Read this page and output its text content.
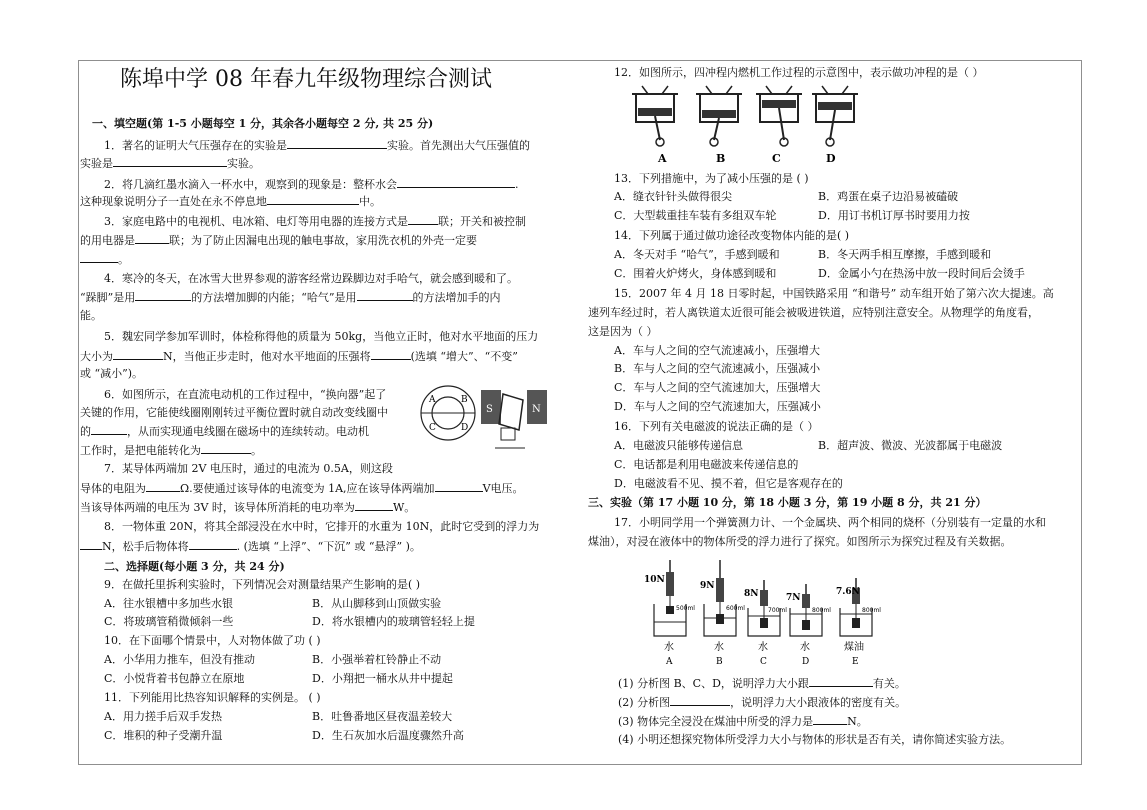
陈埠中学 08 年春九年级物理综合测试
一、填空题(第 1-5 小题每空 1 分，其余各小题每空 2 分, 共 25 分)
1．著名的证明大气压强存在的实验是	实验。首先测出大气压强值的
实验是	实验。
2．将几滴红墨水滴入一杯水中，观察到的现象是：整杯水会	.
这种现象说明分子一直处在永不停息地	中。
3．家庭电路中的电视机、电冰箱、电灯等用电器的连接方式是	联；开关和被控制
的用电器是	联；为了防止因漏电出现的触电事故，家用洗衣机的外壳一定要
。
4．寒冷的冬天，在冰雪大世界参观的游客经常边跺脚边对手哈气，就会感到暖和了。
“跺脚”是用	的方法增加脚的内能；“哈气”是用	的方法增加手的内
能。
5．魏宏同学参加军训时，体检称得他的质量为 50kg，当他立正时，他对水平地面的压力
大小为	N，当他正步走时，他对水平地面的压强将	(选填 “增大”、“不变”
或 “减小”)。
6．如图所示，在直流电动机的工作过程中，“换向器”起了
关键的作用，它能使线圈刚刚转过平衡位置时就自动改变线圈中
的	，从而实现通电线圈在磁场中的连续转动。电动机
工作时，是把电能转化为	。
A	B
C	D
S	N
7．某导体两端加 2V 电压时，通过的电流为 0.5A，则这段
导体的电阻为	Ω.要使通过该导体的电流变为 1A,应在该导体两端加	V电压。
当该导体两端的电压为 3V 时，该导体所消耗的电功率为	W。
8．一物体重 20N，将其全部浸没在水中时，它排开的水重为 10N，此时它受到的浮力为
N，松手后物体将	. (选填 “上浮”、“下沉” 或 “悬浮” )。
二、选择题(每小题 3 分，共 24 分)
9．在做托里拆利实验时，下列情况会对测量结果产生影响的是( )
A．往水银槽中多加些水银	B．从山脚移到山顶做实验
C．将玻璃管稍微倾斜一些	D．将水银槽内的玻璃管轻轻上提
10．在下面哪个情景中，人对物体做了功 ( )
A．小华用力推车，但没有推动	B．小强举着杠铃静止不动
C．小悦背着书包静立在原地	D．小翔把一桶水从井中提起
11．下列能用比热容知识解释的实例是。 ( )
A．用力搓手后双手发热	B．吐鲁番地区昼夜温差较大
C．堆积的种子受潮升温	D．生石灰加水后温度骤然升高
12．如图所示，四冲程内燃机工作过程的示意图中，表示做功冲程的是（ ）
A	B	C	D
13．下列措施中，为了减小压强的是 ( )
A．缝衣针针头做得很尖	B．鸡蛋在桌子边沿易被磕破
C．大型载重挂车装有多组双车轮	D．用订书机订厚书时要用力按
14．下列属于通过做功途径改变物体内能的是( )
A．冬天对手 “哈气”，手感到暖和	B．冬天两手相互摩擦，手感到暖和
C．围着火炉烤火，身体感到暖和	D．金属小勺在热汤中放一段时间后会烫手
15．2007 年 4 月 18 日零时起，中国铁路采用 “和谐号” 动车组开始了第六次大提速。高
速列车经过时，若人离铁道太近很可能会被吸进铁道，应特别注意安全。从物理学的角度看，
这是因为（ ）
A．车与人之间的空气流速减小，压强增大
B．车与人之间的空气流速减小，压强减小
C．车与人之间的空气流速加大，压强增大
D．车与人之间的空气流速加大，压强减小
16．下列有关电磁波的说法正确的是（ ）
A．电磁波只能够传递信息	B．超声波、微波、光波都属于电磁波
C．电话都是利用电磁波来传递信息的
D．电磁波看不见、摸不着，但它是客观存在的
三、实验（第 17 小题 10 分，第 18 小题 3 分，第 19 小题 8 分，共 21 分）
17．小明同学用一个弹簧测力计、一个金属块、两个相同的烧杯（分别装有一定量的水和
煤油），对浸在液体中的物体所受的浮力进行了探究。如图所示为探究过程及有关数据。
10N
9N
8N	7N
7.6N
500ml	600ml	700ml	800ml	800ml
水	水	水	水	煤油
A	B	C	D	E
(1) 分析图 B、C、D，说明浮力大小跟	有关。
(2) 分析图	，说明浮力大小跟液体的密度有关。
(3) 物体完全浸没在煤油中所受的浮力是	N。
(4) 小明还想探究物体所受浮力大小与物体的形状是否有关，请你简述实验方法。
